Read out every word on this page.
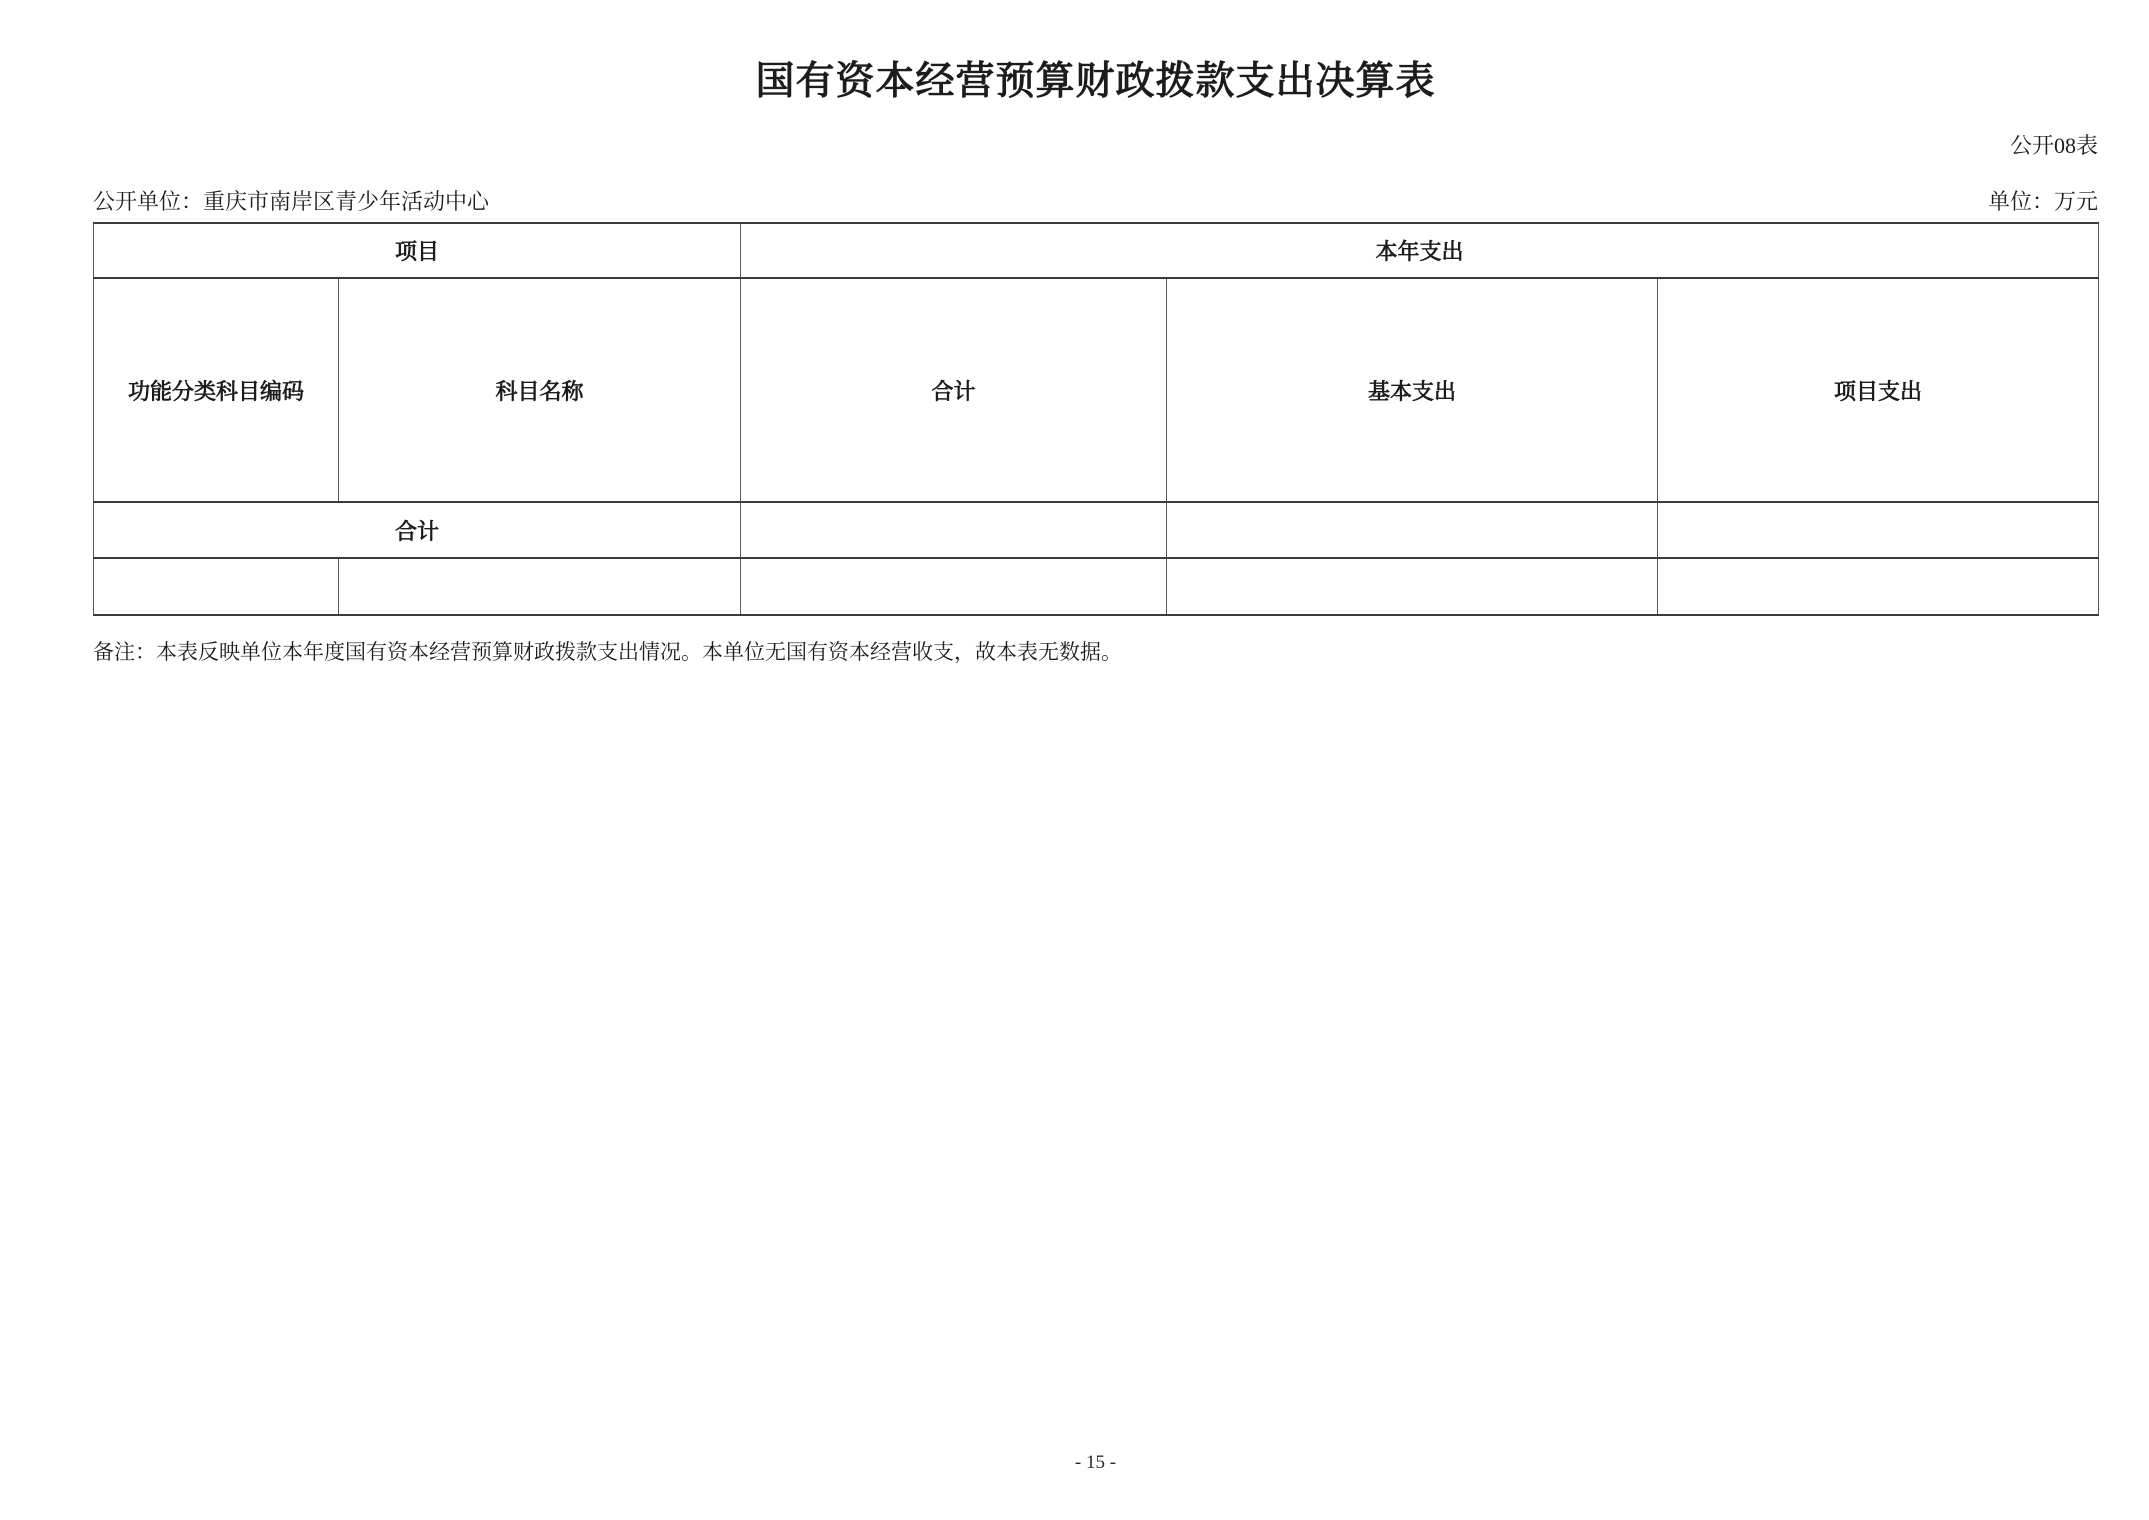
国有资本经营预算财政拨款支出决算表
公开08表
公开单位：重庆市南岸区青少年活动中心	单位：万元
项目		本年支出		
功能分类科目编码	科目名称	合计	基本支出	项目支出
合计				

备注：本表反映单位本年度国有资本经营预算财政拨款支出情况。本单位无国有资本经营收支，故本表无数据。
- 15 -
